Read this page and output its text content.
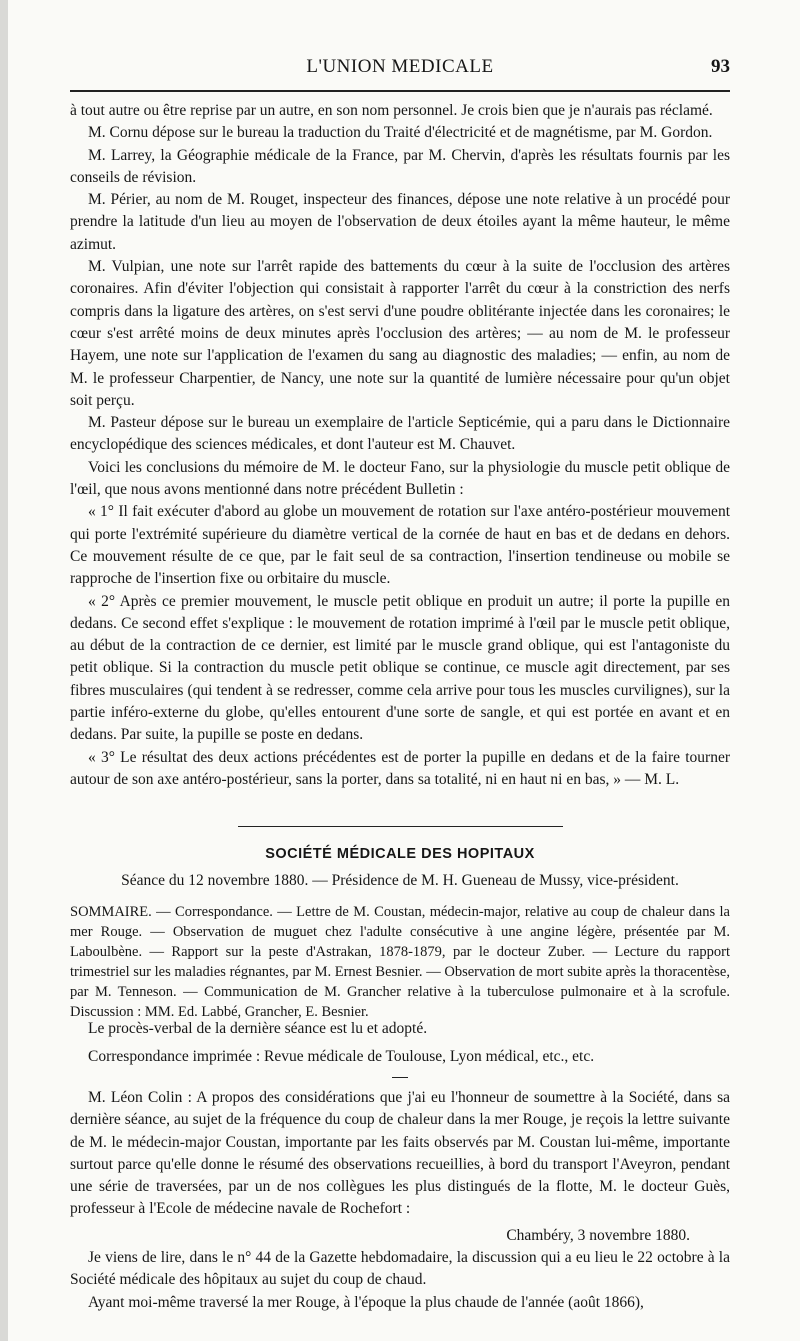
L'UNION MEDICALE	93

à tout autre ou être reprise par un autre, en son nom personnel. Je crois bien que je n'aurais pas réclamé.

M. Cornu dépose sur le bureau la traduction du Traité d'électricité et de magnétisme, par M. Gordon.

M. Larrey, la Géographie médicale de la France, par M. Chervin, d'après les résultats fournis par les conseils de révision.

M. Périer, au nom de M. Rouget, inspecteur des finances, dépose une note relative à un procédé pour prendre la latitude d'un lieu au moyen de l'observation de deux étoiles ayant la même hauteur, le même azimut.

M. Vulpian, une note sur l'arrêt rapide des battements du cœur à la suite de l'occlusion des artères coronaires. Afin d'éviter l'objection qui consistait à rapporter l'arrêt du cœur à la constriction des nerfs compris dans la ligature des artères, on s'est servi d'une poudre oblitérante injectée dans les coronaires; le cœur s'est arrêté moins de deux minutes après l'occlusion des artères; — au nom de M. le professeur Hayem, une note sur l'application de l'examen du sang au diagnostic des maladies; — enfin, au nom de M. le professeur Charpentier, de Nancy, une note sur la quantité de lumière nécessaire pour qu'un objet soit perçu.

M. Pasteur dépose sur le bureau un exemplaire de l'article Septicémie, qui a paru dans le Dictionnaire encyclopédique des sciences médicales, et dont l'auteur est M. Chauvet.

Voici les conclusions du mémoire de M. le docteur Fano, sur la physiologie du muscle petit oblique de l'œil, que nous avons mentionné dans notre précédent Bulletin :

« 1° Il fait exécuter d'abord au globe un mouvement de rotation sur l'axe antéro-postérieur mouvement qui porte l'extrémité supérieure du diamètre vertical de la cornée de haut en bas et de dedans en dehors. Ce mouvement résulte de ce que, par le fait seul de sa contraction, l'insertion tendineuse ou mobile se rapproche de l'insertion fixe ou orbitaire du muscle.

« 2° Après ce premier mouvement, le muscle petit oblique en produit un autre; il porte la pupille en dedans. Ce second effet s'explique : le mouvement de rotation imprimé à l'œil par le muscle petit oblique, au début de la contraction de ce dernier, est limité par le muscle grand oblique, qui est l'antagoniste du petit oblique. Si la contraction du muscle petit oblique se continue, ce muscle agit directement, par ses fibres musculaires (qui tendent à se redresser, comme cela arrive pour tous les muscles curvilignes), sur la partie inféro-externe du globe, qu'elles entourent d'une sorte de sangle, et qui est portée en avant et en dedans. Par suite, la pupille se poste en dedans.

« 3° Le résultat des deux actions précédentes est de porter la pupille en dedans et de la faire tourner autour de son axe antéro-postérieur, sans la porter, dans sa totalité, ni en haut ni en bas, » — M. L.

SOCIÉTÉ MÉDICALE DES HOPITAUX
Séance du 12 novembre 1880. — Présidence de M. H. Gueneau de Mussy, vice-président.

SOMMAIRE. — Correspondance. — Lettre de M. Coustan, médecin-major, relative au coup de chaleur dans la mer Rouge. — Observation de muguet chez l'adulte consécutive à une angine légère, présentée par M. Laboulbène. — Rapport sur la peste d'Astrakan, 1878-1879, par le docteur Zuber. — Lecture du rapport trimestriel sur les maladies régnantes, par M. Ernest Besnier. — Observation de mort subite après la thoracentèse, par M. Tenneson. — Communication de M. Grancher relative à la tuberculose pulmonaire et à la scrofule. Discussion : MM. Ed. Labbé, Grancher, E. Besnier.

Le procès-verbal de la dernière séance est lu et adopté.

Correspondance imprimée : Revue médicale de Toulouse, Lyon médical, etc., etc.

M. Léon Colin : A propos des considérations que j'ai eu l'honneur de soumettre à la Société, dans sa dernière séance, au sujet de la fréquence du coup de chaleur dans la mer Rouge, je reçois la lettre suivante de M. le médecin-major Coustan, importante par les faits observés par M. Coustan lui-même, importante surtout parce qu'elle donne le résumé des observations recueillies, à bord du transport l'Aveyron, pendant une série de traversées, par un de nos collègues les plus distingués de la flotte, M. le docteur Guès, professeur à l'Ecole de médecine navale de Rochefort :

Chambéry, 3 novembre 1880.

Je viens de lire, dans le n° 44 de la Gazette hebdomadaire, la discussion qui a eu lieu le 22 octobre à la Société médicale des hôpitaux au sujet du coup de chaud.

Ayant moi-même traversé la mer Rouge, à l'époque la plus chaude de l'année (août 1866),
